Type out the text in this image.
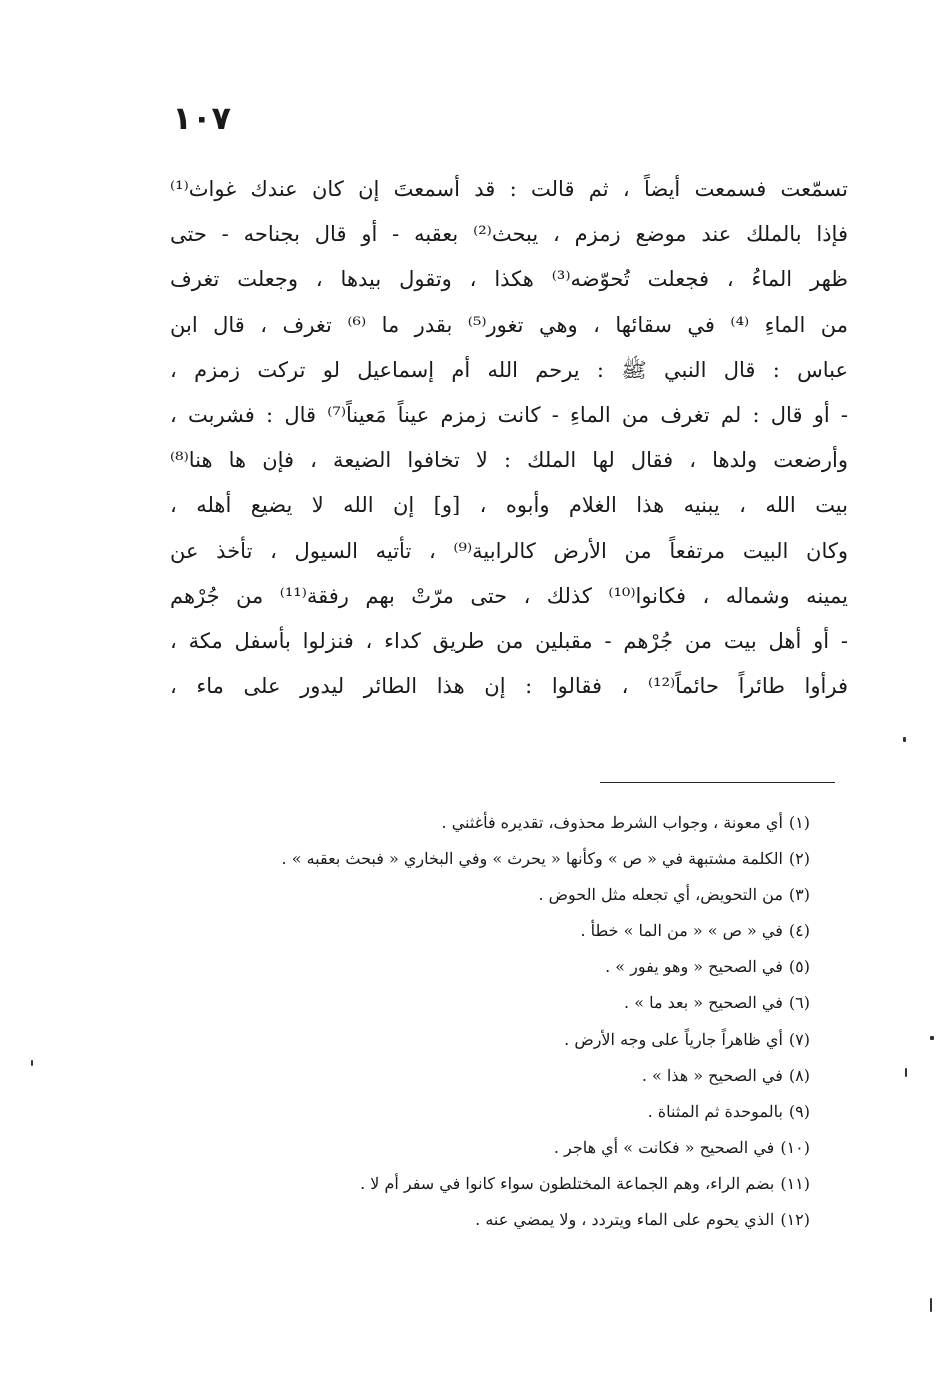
١٠٧
تسمّعت فسمعت أيضاً ، ثم قالت : قد أسمعتَ إن كان عندك غواث⁽¹⁾
فإذا بالملك عند موضع زمزم ، يبحث⁽²⁾ بعقبه - أو قال بجناحه - حتى
ظهر الماءُ ، فجعلت تُحوّضه⁽³⁾ هكذا ، وتقول بيدها ، وجعلت تغرف
من الماءِ ⁽⁴⁾ في سقائها ، وهي تغور⁽⁵⁾ بقدر ما ⁽⁶⁾ تغرف ، قال ابن
عباس : قال النبي ﷺ : يرحم الله أم إسماعيل لو تركت زمزم ،
- أو قال : لم تغرف من الماءِ - كانت زمزم عيناً مَعيناً⁽⁷⁾ قال : فشربت ،
وأرضعت ولدها ، فقال لها الملك : لا تخافوا الضيعة ، فإن ها هنا⁽⁸⁾
بيت الله ، يبنيه هذا الغلام وأبوه ، [و] إن الله لا يضيع أهله ،
وكان البيت مرتفعاً من الأرض كالرابية⁽⁹⁾ ، تأتيه السيول ، تأخذ عن
يمينه وشماله ، فكانوا⁽¹⁰⁾ كذلك ، حتى مرّتْ بهم رفقة⁽¹¹⁾ من جُرْهم
- أو أهل بيت من جُرْهم - مقبلين من طريق كداء ، فنزلوا بأسفل مكة ،
فرأوا طائراً حائماً⁽¹²⁾ ، فقالوا : إن هذا الطائر ليدور على ماء ،
(١)أي معونة ، وجواب الشرط محذوف، تقديره فأغثني .
(٢)الكلمة مشتبهة في « ص » وكأنها « يحرث » وفي البخاري « فبحث بعقبه » .
(٣)من التحويض، أي تجعله مثل الحوض .
(٤)في « ص » « من الما » خطأ .
(٥)في الصحيح « وهو يفور » .
(٦)في الصحيح « بعد ما » .
(٧)أي ظاهراً جارياً على وجه الأرض .
(٨)في الصحيح « هذا » .
(٩)بالموحدة ثم المثناة .
(١٠)في الصحيح « فكانت » أي هاجر .
(١١)بضم الراء، وهم الجماعة المختلطون سواء كانوا في سفر أم لا .
(١٢)الذي يحوم على الماء ويتردد ، ولا يمضي عنه .
